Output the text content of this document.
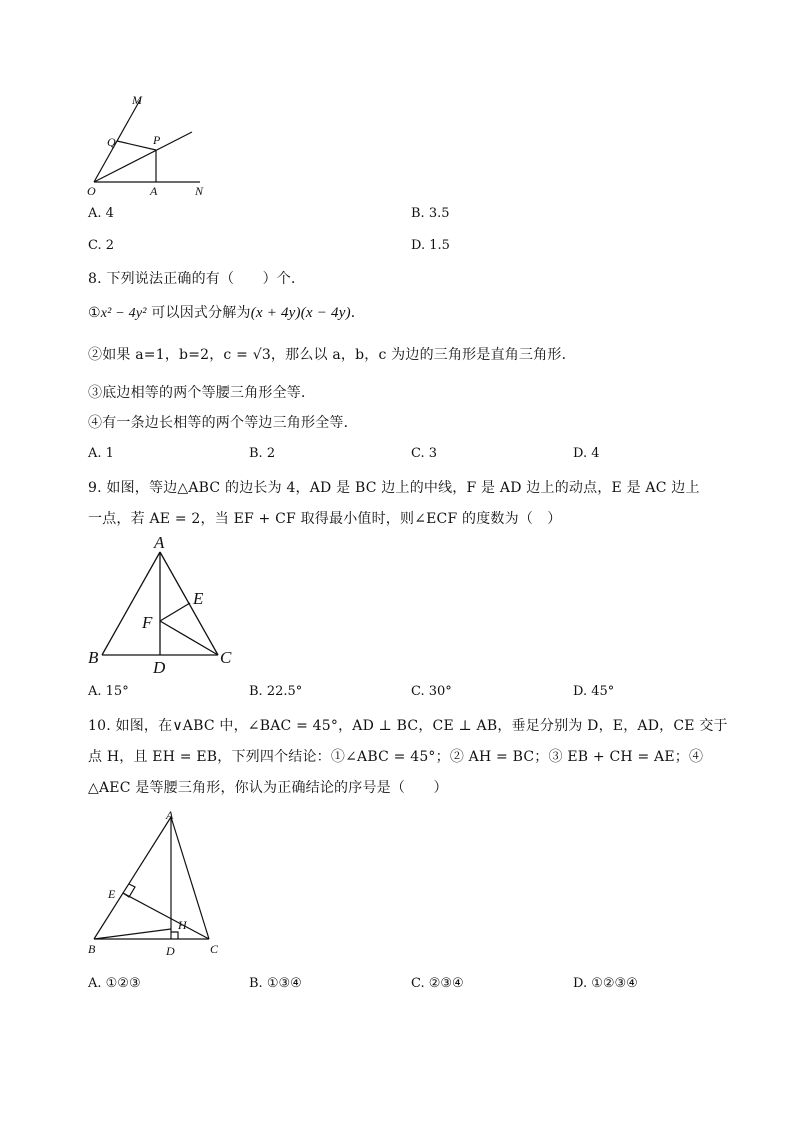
M
Q	P
O	A	N
A. 4	B. 3.5
C. 2	D. 1.5
8. 下列说法正确的有（　　）个．
①x² − 4y² 可以因式分解为(x + 4y)(x − 4y)．
②如果 a=1，b=2，c = √3，那么以 a，b，c 为边的三角形是直角三角形．
③底边相等的两个等腰三角形全等．
④有一条边长相等的两个等边三角形全等．
A. 1	B. 2	C. 3	D. 4
9. 如图，等边△ABC 的边长为 4，AD 是 BC 边上的中线，F 是 AD 边上的动点，E 是 AC 边上
一点，若 AE = 2，当 EF + CF 取得最小值时，则∠ECF 的度数为（　）
A
B	C
D
E
F
A. 15°	B. 22.5°	C. 30°	D. 45°
10. 如图，在∨ABC 中，∠BAC = 45°，AD ⊥ BC，CE ⊥ AB，垂足分别为 D，E，AD，CE 交于
点 H，且 EH = EB，下列四个结论：①∠ABC = 45°；② AH = BC；③ EB + CH = AE；④
△AEC 是等腰三角形，你认为正确结论的序号是（　　）
A
B	C
D
E
H
A. ①②③	B. ①③④	C. ②③④	D. ①②③④
